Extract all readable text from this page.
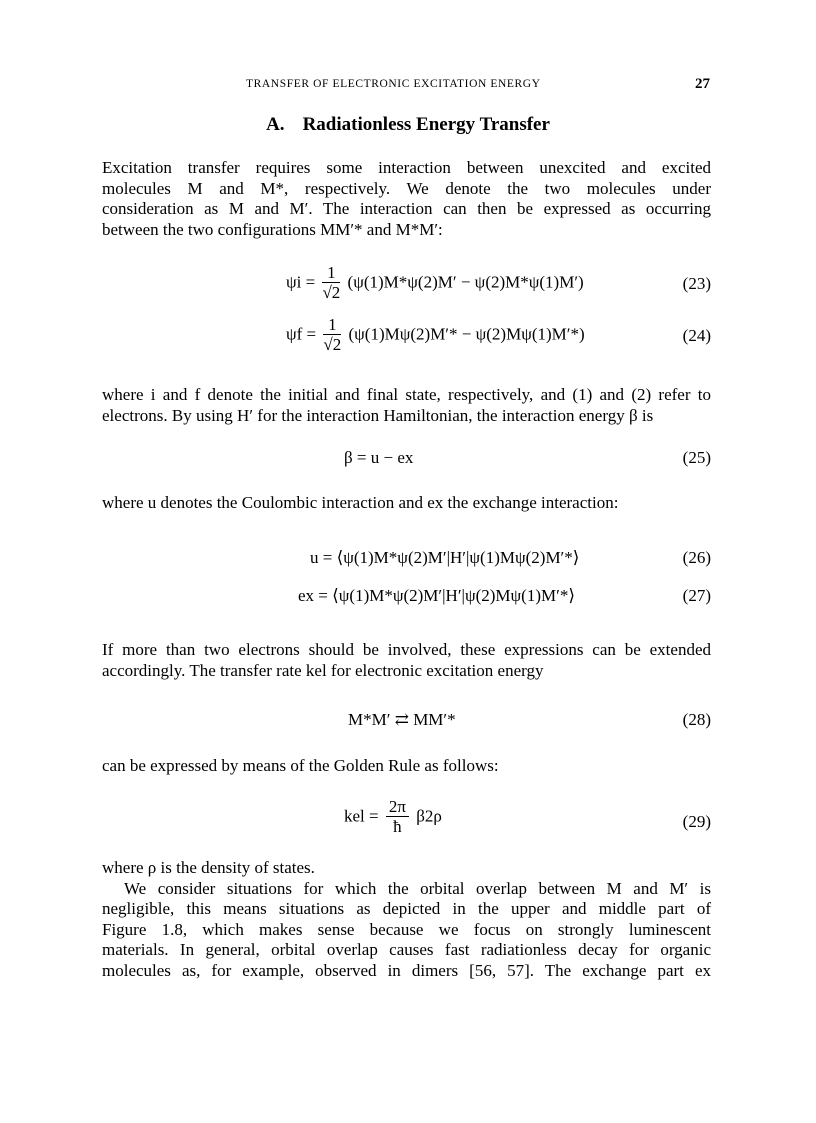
TRANSFER OF ELECTRONIC EXCITATION ENERGY	27
A. Radiationless Energy Transfer
Excitation transfer requires some interaction between unexcited and excited
molecules M and M*, respectively. We denote the two molecules under
consideration as M and M′. The interaction can then be expressed as occurring
between the two configurations MM′* and M*M′:
$\psi i = \frac{1}{√2} (\psi(1)M*\psi(2)M' - \psi(2)M*\psi(1)M')$	(23)
$\psi f = \frac{1}{√2} (\psi(1)M\psi(2)M'* - \psi(2)M\psi(1)M'*)$	(24)
where i and f denote the initial and final state, respectively, and (1) and (2) refer to
electrons. By using H′ for the interaction Hamiltonian, the interaction energy β is
β = u − ex	(25)
where u denotes the Coulombic interaction and ex the exchange interaction:
u = ⟨ψ(1)M*ψ(2)M′|H′|ψ(1)Mψ(2)M′*⟩	(26)
ex = ⟨ψ(1)M*ψ(2)M′|H′|ψ(2)Mψ(1)M′*⟩	(27)
If more than two electrons should be involved, these expressions can be extended
accordingly. The transfer rate kel for electronic excitation energy
M*M′ ⇄ MM′*	(28)
can be expressed by means of the Golden Rule as follows:
kel = $\frac{2\pi}{ħ} \beta 2\rho$	(29)
where ρ is the density of states.
We consider situations for which the orbital overlap between M and M′ is
negligible, this means situations as depicted in the upper and middle part of
Figure 1.8, which makes sense because we focus on strongly luminescent
materials. In general, orbital overlap causes fast radiationless decay for organic
molecules as, for example, observed in dimers [56, 57]. The exchange part ex
